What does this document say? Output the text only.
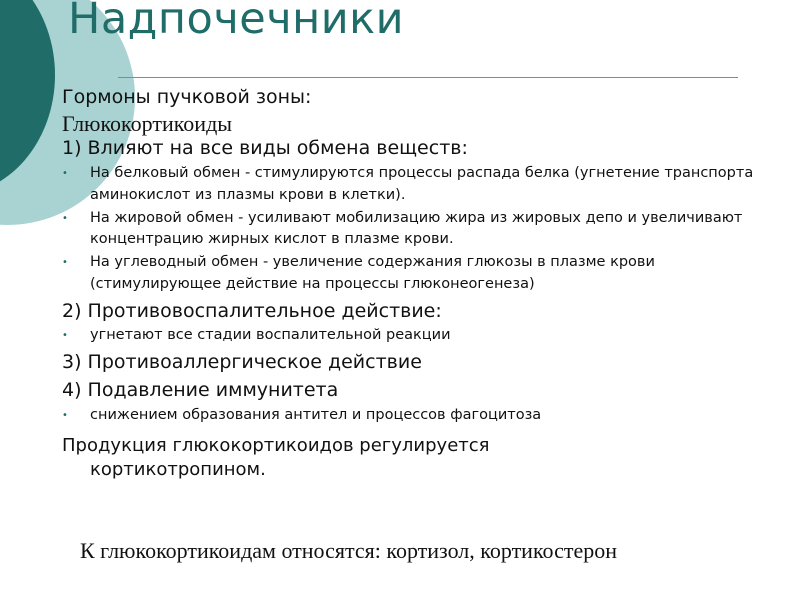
Надпочечники

Гормоны пучковой зоны:

Глюкокортикоиды

1) Влияют на все виды обмена веществ:

• На белковый обмен - стимулируются процессы распада белка (угнетение транспорта аминокислот из плазмы крови в клетки).
• На жировой обмен - усиливают мобилизацию жира из жировых депо и увеличивают концентрацию жирных кислот в плазме крови.
• На углеводный обмен - увеличение содержания глюкозы в плазме крови (стимулирующее действие на процессы глюконеогенеза)

2) Противовоспалительное действие:

• угнетают все стадии воспалительной реакции

3) Противоаллергическое действие

4) Подавление иммунитета

• снижением образования антител и процессов фагоцитоза

Продукция глюкокортикоидов регулируется
кортикотропином.

К глюкокортикоидам относятся: кортизол, кортикостерон
